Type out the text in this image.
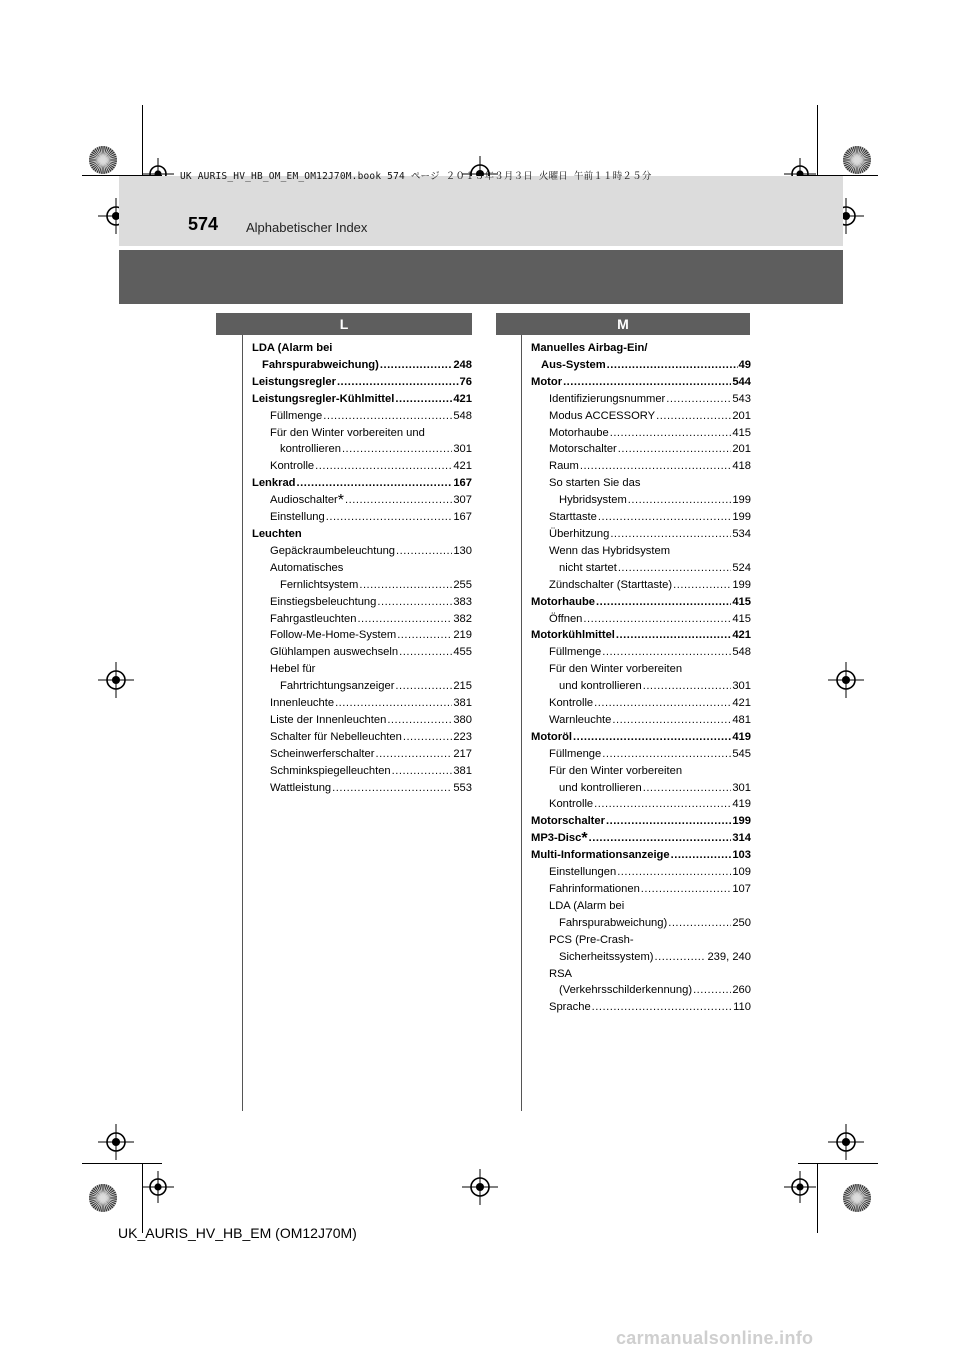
UK AURIS_HV_HB_OM_EM_OM12J70M.book 574 ページ ２０１５年３月３日 火曜日 午前１１時２５分
574 Alphabetischer Index
L
LDA (Alarm bei
Fahrspurabweichung) .....	248
Leistungsregler .....	76
Leistungsregler-Kühlmittel .....	421
Füllmenge .....	548
Für den Winter vorbereiten und
kontrollieren .....	301
Kontrolle .....	421
Lenkrad .....	167
Audioschalter* .....	307
Einstellung .....	167
Leuchten
Gepäckraumbeleuchtung .....	130
Automatisches
Fernlichtsystem .....	255
Einstiegsbeleuchtung .....	383
Fahrgastleuchten .....	382
Follow-Me-Home-System .....	219
Glühlampen auswechseln .....	455
Hebel für
Fahrtrichtungsanzeiger .....	215
Innenleuchte .....	381
Liste der Innenleuchten .....	380
Schalter für Nebelleuchten .....	223
Scheinwerferschalter .....	217
Schminkspiegelleuchten .....	381
Wattleistung .....	553
M
Manuelles Airbag-Ein/
Aus-System .....	49
Motor .....	544
Identifizierungsnummer .....	543
Modus ACCESSORY .....	201
Motorhaube .....	415
Motorschalter .....	201
Raum .....	418
So starten Sie das
Hybridsystem .....	199
Starttaste .....	199
Überhitzung .....	534
Wenn das Hybridsystem
nicht startet .....	524
Zündschalter (Starttaste) .....	199
Motorhaube .....	415
Öffnen .....	415
Motorkühlmittel .....	421
Füllmenge .....	548
Für den Winter vorbereiten
und kontrollieren .....	301
Kontrolle .....	421
Warnleuchte .....	481
Motoröl .....	419
Füllmenge .....	545
Für den Winter vorbereiten
und kontrollieren .....	301
Kontrolle .....	419
Motorschalter .....	199
MP3-Disc* .....	314
Multi-Informationsanzeige .....	103
Einstellungen .....	109
Fahrinformationen .....	107
LDA (Alarm bei
Fahrspurabweichung) .....	250
PCS (Pre-Crash-
Sicherheitssystem) .....	239, 240
RSA
(Verkehrsschilderkennung) .....	260
Sprache .....	110
UK_AURIS_HV_HB_EM (OM12J70M)
carmanualsonline.info
